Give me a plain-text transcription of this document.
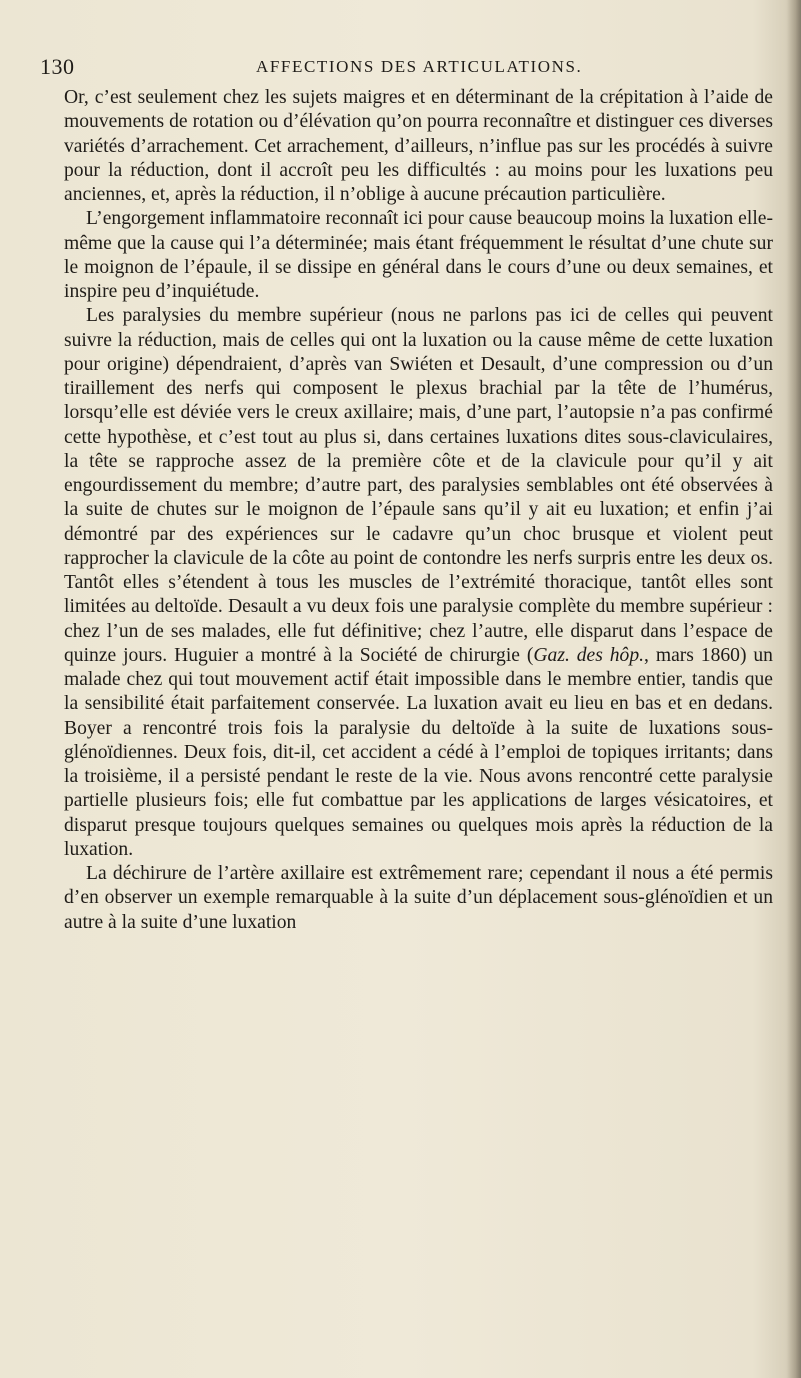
130	AFFECTIONS DES ARTICULATIONS.

Or, c’est seulement chez les sujets maigres et en déterminant de la crépitation à l’aide de mouvements de rotation ou d’élévation qu’on pourra reconnaître et distinguer ces diverses variétés d’arrachement. Cet arrachement, d’ailleurs, n’influe pas sur les procédés à suivre pour la réduction, dont il accroît peu les difficultés : au moins pour les luxations peu anciennes, et, après la réduction, il n’oblige à aucune précaution particulière.

L’engorgement inflammatoire reconnaît ici pour cause beaucoup moins la luxation elle-même que la cause qui l’a déterminée; mais étant fréquemment le résultat d’une chute sur le moignon de l’épaule, il se dissipe en général dans le cours d’une ou deux semaines, et inspire peu d’inquiétude.

Les paralysies du membre supérieur (nous ne parlons pas ici de celles qui peuvent suivre la réduction, mais de celles qui ont la luxation ou la cause même de cette luxation pour origine) dépendraient, d’après van Swiéten et Desault, d’une compression ou d’un tiraillement des nerfs qui composent le plexus brachial par la tête de l’humérus, lorsqu’elle est déviée vers le creux axillaire; mais, d’une part, l’autopsie n’a pas confirmé cette hypothèse, et c’est tout au plus si, dans certaines luxations dites sous-claviculaires, la tête se rapproche assez de la première côte et de la clavicule pour qu’il y ait engourdissement du membre; d’autre part, des paralysies semblables ont été observées à la suite de chutes sur le moignon de l’épaule sans qu’il y ait eu luxation; et enfin j’ai démontré par des expériences sur le cadavre qu’un choc brusque et violent peut rapprocher la clavicule de la côte au point de contondre les nerfs surpris entre les deux os. Tantôt elles s’étendent à tous les muscles de l’extrémité thoracique, tantôt elles sont limitées au deltoïde. Desault a vu deux fois une paralysie complète du membre supérieur : chez l’un de ses malades, elle fut définitive; chez l’autre, elle disparut dans l’espace de quinze jours. Huguier a montré à la Société de chirurgie (Gaz. des hôp., mars 1860) un malade chez qui tout mouvement actif était impossible dans le membre entier, tandis que la sensibilité était parfaitement conservée. La luxation avait eu lieu en bas et en dedans. Boyer a rencontré trois fois la paralysie du deltoïde à la suite de luxations sous-glénoïdiennes. Deux fois, dit-il, cet accident a cédé à l’emploi de topiques irritants; dans la troisième, il a persisté pendant le reste de la vie. Nous avons rencontré cette paralysie partielle plusieurs fois; elle fut combattue par les applications de larges vésicatoires, et disparut presque toujours quelques semaines ou quelques mois après la réduction de la luxation.

La déchirure de l’artère axillaire est extrêmement rare; cependant il nous a été permis d’en observer un exemple remarquable à la suite d’un déplacement sous-glénoïdien et un autre à la suite d’une luxation
